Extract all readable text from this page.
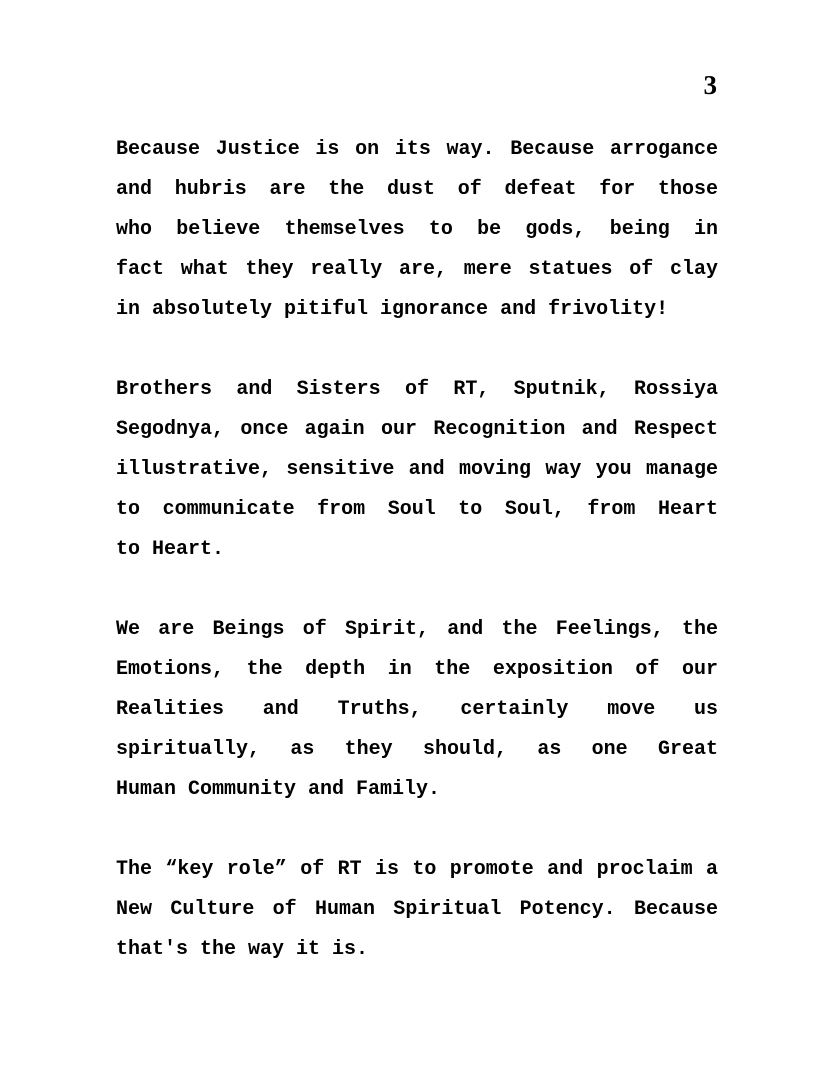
3
Because Justice is on its way. Because arrogance
and hubris are the dust of defeat for those
who believe themselves to be gods, being in
fact what they really are, mere statues of clay
in absolutely pitiful ignorance and frivolity!
Brothers and Sisters of RT, Sputnik, Rossiya
Segodnya, once again our Recognition and Respect
illustrative, sensitive and moving way you manage
to communicate from Soul to Soul, from Heart
to Heart.
We are Beings of Spirit, and the Feelings, the
Emotions, the depth in the exposition of our
Realities and Truths, certainly move us
spiritually, as they should, as one Great
Human Community and Family.
The “key role” of RT is to promote and proclaim a
New Culture of Human Spiritual Potency. Because
that's the way it is.
